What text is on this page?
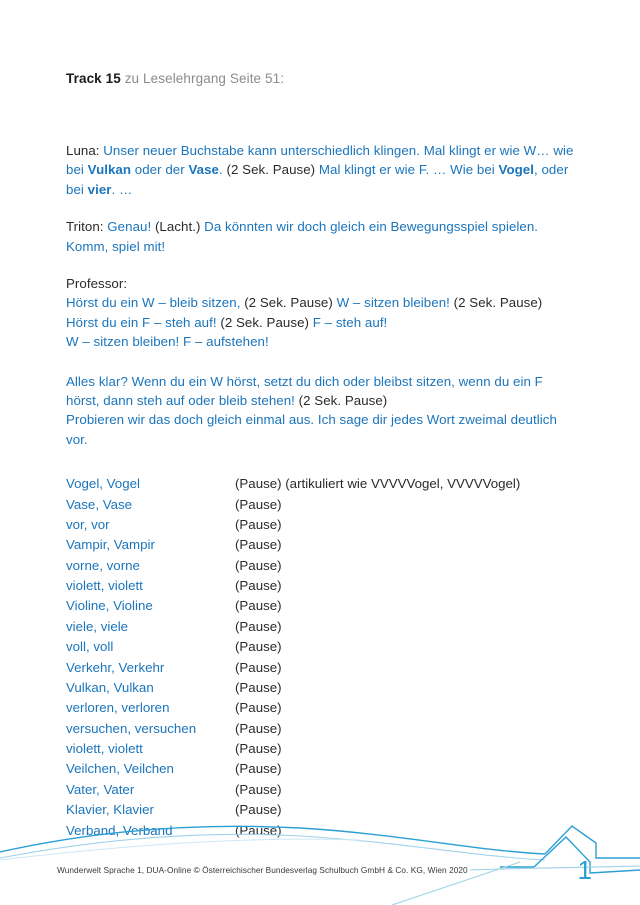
Track 15 zu Leselehrgang Seite 51:

Luna: Unser neuer Buchstabe kann unterschiedlich klingen. Mal klingt er wie W… wie bei Vulkan oder der Vase. (2 Sek. Pause) Mal klingt er wie F. … Wie bei Vogel, oder bei vier. …

Triton: Genau! (Lacht.) Da könnten wir doch gleich ein Bewegungsspiel spielen. Komm, spiel mit!

Professor:
Hörst du ein W – bleib sitzen, (2 Sek. Pause) W – sitzen bleiben! (2 Sek. Pause)
Hörst du ein F – steh auf! (2 Sek. Pause) F – steh auf!
W – sitzen bleiben! F – aufstehen!

Alles klar? Wenn du ein W hörst, setzt du dich oder bleibst sitzen, wenn du ein F hörst, dann steh auf oder bleib stehen! (2 Sek. Pause)
Probieren wir das doch gleich einmal aus. Ich sage dir jedes Wort zweimal deutlich vor.

Vogel, Vogel	(Pause) (artikuliert wie VVVVVogel, VVVVVogel)
Vase, Vase	(Pause)
vor, vor	(Pause)
Vampir, Vampir	(Pause)
vorne, vorne	(Pause)
violett, violett	(Pause)
Violine, Violine	(Pause)
viele, viele	(Pause)
voll, voll	(Pause)
Verkehr, Verkehr	(Pause)
Vulkan, Vulkan	(Pause)
verloren, verloren	(Pause)
versuchen, versuchen	(Pause)
violett, violett	(Pause)
Veilchen, Veilchen	(Pause)
Vater, Vater	(Pause)
Klavier, Klavier	(Pause)
Verband, Verband	(Pause)
Wunderwelt Sprache 1, DUA-Online © Österreichischer Bundesverlag Schulbuch GmbH & Co. KG, Wien 2020	1
